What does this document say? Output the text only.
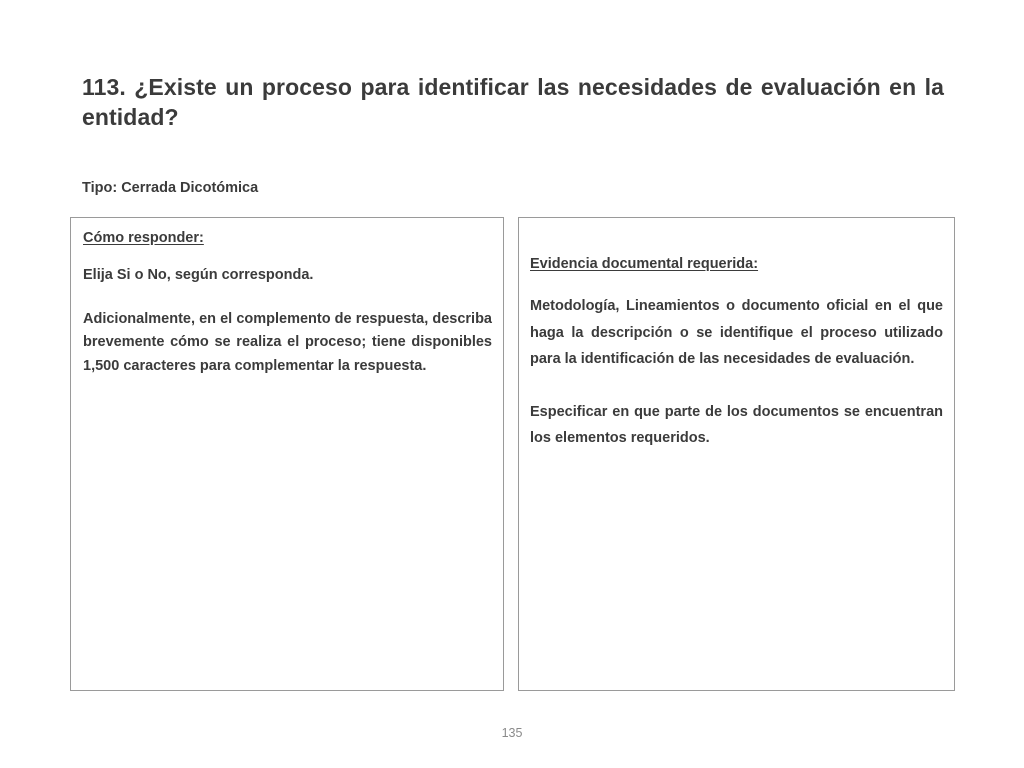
113. ¿Existe un proceso para identificar las necesidades de evaluación en la entidad?

Tipo: Cerrada Dicotómica

Cómo responder:

Elija Si o No, según corresponda.

Adicionalmente, en el complemento de respuesta, describa brevemente cómo se realiza el proceso; tiene disponibles 1,500 caracteres para complementar la respuesta.

Evidencia documental requerida:

Metodología, Lineamientos o documento oficial en el que haga la descripción o se identifique el proceso utilizado para la identificación de las necesidades de evaluación.

Especificar en que parte de los documentos se encuentran los elementos requeridos.

135
